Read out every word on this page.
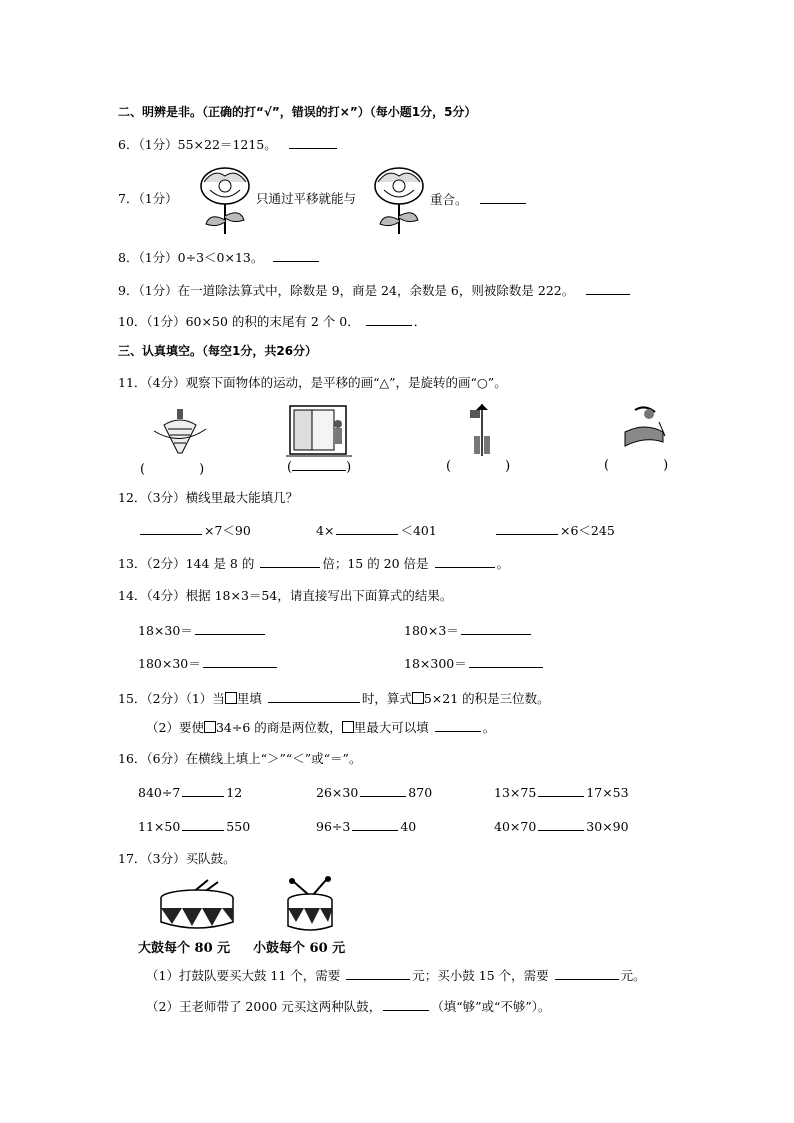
二、明辨是非。（正确的打“√”，错误的打×”）（每小题1分，5分）
6．（1分）55×22＝1215。
7．（1分）	只通过平移就能与	重合。
8．（1分）0÷3＜0×13。
9．（1分）在一道除法算式中，除数是 9，商是 24，余数是 6，则被除数是 222。
10．（1分）60×50 的积的末尾有 2 个 0．	．
三、认真填空。（每空1分，共26分）
11．（4分）观察下面物体的运动，是平移的画“△”，是旋转的画“○”。
(	)	(	)	(	)	(	)
12．（3分）横线里最大能填几？
×7＜90	4×	＜401	×6＜245
13．（2分）144 是 8 的	倍；15 的 20 倍是	。
14．（4分）根据 18×3＝54，请直接写出下面算式的结果。
18×30＝	180×3＝
180×30＝	18×300＝
15．（2分）（1）当 里填	时，算式 5×21 的积是三位数。
（2）要使 34÷6 的商是两位数， 里最大可以填	。
16．（6分）在横线上填上“＞”“＜”或“＝”。
840÷7	12	26×30	870	13×75	17×53
11×50	550	96÷3	40	40×70	30×90
17．（3分）买队鼓。
大鼓每个 80 元 小鼓每个 60 元
（1）打鼓队要买大鼓 11 个，需要	元；买小鼓 15 个，需要	元。
（2）王老师带了 2000 元买这两种队鼓，	（填“够”或“不够”）。
